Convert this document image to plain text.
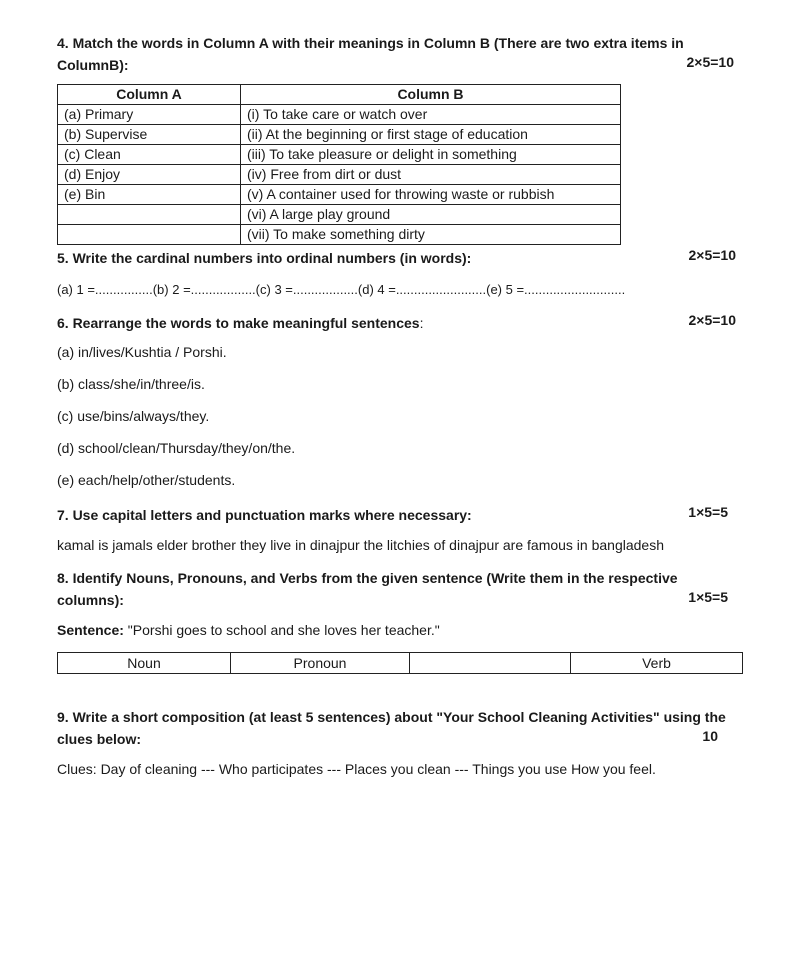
4. Match the words in Column A with their meanings in Column B (There are two extra items in
ColumnB):	2×5=10
Column A	Column B
(a) Primary	(i) To take care or watch over
(b) Supervise	(ii) At the beginning or first stage of education
(c) Clean	(iii) To take pleasure or delight in something
(d) Enjoy	(iv) Free from dirt or dust
(e) Bin	(v) A container used for throwing waste or rubbish
	(vi) A large play ground
	(vii) To make something dirty
5. Write the cardinal numbers into ordinal numbers (in words):	2×5=10
(a) 1 =................(b) 2 =..................(c) 3 =..................(d) 4 =.........................(e) 5 =............................
6. Rearrange the words to make meaningful sentences:	2×5=10
(a) in/lives/Kushtia / Porshi.
(b) class/she/in/three/is.
(c) use/bins/always/they.
(d) school/clean/Thursday/they/on/the.
(e) each/help/other/students.
7. Use capital letters and punctuation marks where necessary:	1×5=5
kamal is jamals elder brother they live in dinajpur the litchies of dinajpur are famous in bangladesh
8. Identify Nouns, Pronouns, and Verbs from the given sentence (Write them in the respective
columns):	1×5=5
Sentence: "Porshi goes to school and she loves her teacher."
Noun	Pronoun		Verb
9. Write a short composition (at least 5 sentences) about "Your School Cleaning Activities" using the
clues below:	10
Clues: Day of cleaning --- Who participates --- Places you clean --- Things you use How you feel.
